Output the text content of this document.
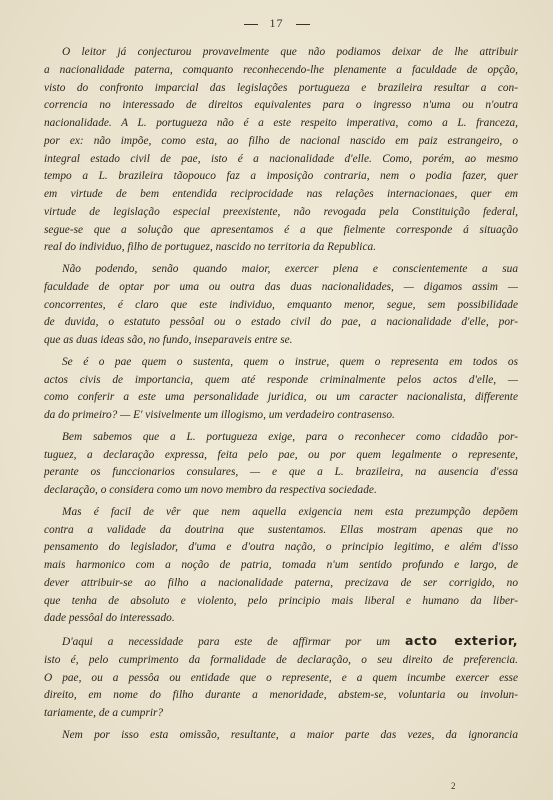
17
O leitor já conjecturou provavelmente que não podiamos deixar de lhe attribuir
a nacionalidade paterna, comquanto reconhecendo-lhe plenamente a faculdade de opção,
visto do confronto imparcial das legislações portugueza e brazileira resultar a con-
correncia no interessado de direitos equivalentes para o ingresso n'uma ou n'outra
nacionalidade. A L. portugueza não é a este respeito imperativa, como a L. franceza,
por ex: não impõe, como esta, ao filho de nacional nascido em paiz estrangeiro, o
integral estado civil de pae, isto é a nacionalidade d'elle. Como, porém, ao mesmo
tempo a L. brazileira tãopouco faz a imposição contraria, nem o podia fazer, quer
em virtude de bem entendida reciprocidade nas relações internacionaes, quer em
virtude de legislação especial preexistente, não revogada pela Constituição federal,
segue-se que a solução que apresentamos é a que fielmente corresponde á situação
real do individuo, filho de portuguez, nascido no territoria da Republica.
Não podendo, senão quando maior, exercer plena e conscientemente a sua
faculdade de optar por uma ou outra das duas nacionalidades, — digamos assim —
concorrentes, é claro que este individuo, emquanto menor, segue, sem possibilidade
de duvida, o estatuto pessôal ou o estado civil do pae, a nacionalidade d'elle, por-
que as duas ideas são, no fundo, inseparaveis entre se.
Se é o pae quem o sustenta, quem o instrue, quem o representa em todos os
actos civis de importancia, quem até responde criminalmente pelos actos d'elle, —
como conferir a este uma personalidade juridica, ou um caracter nacionalista, differente
da do primeiro? — E' visivelmente um illogismo, um verdadeiro contrasenso.
Bem sabemos que a L. portugueza exige, para o reconhecer como cidadão por-
tuguez, a declaração expressa, feita pelo pae, ou por quem legalmente o represente,
perante os funccionarios consulares, — e que a L. brazileira, na ausencia d'essa
declaração, o considera como um novo membro da respectiva sociedade.
Mas é facil de vêr que nem aquella exigencia nem esta prezumpção depõem
contra a validade da doutrina que sustentamos. Ellas mostram apenas que no
pensamento do legislador, d'uma e d'outra nação, o principio legitimo, e além d'isso
mais harmonico com a noção de patria, tomada n'um sentido profundo e largo, de
dever attribuir-se ao filho a nacionalidade paterna, precizava de ser corrigido, no
que tenha de absoluto e violento, pelo principio mais liberal e humano da liber-
dade pessôal do interessado.
D'aqui a necessidade para este de affirmar por um acto exterior,
isto é, pelo cumprimento da formalidade de declaração, o seu direito de preferencia.
O pae, ou a pessôa ou entidade que o represente, e a quem incumbe exercer esse
direito, em nome do filho durante a menoridade, abstem-se, voluntaria ou involun-
tariamente, de a cumprir?
Nem por isso esta omissão, resultante, a maior parte das vezes, da ignorancia
2
